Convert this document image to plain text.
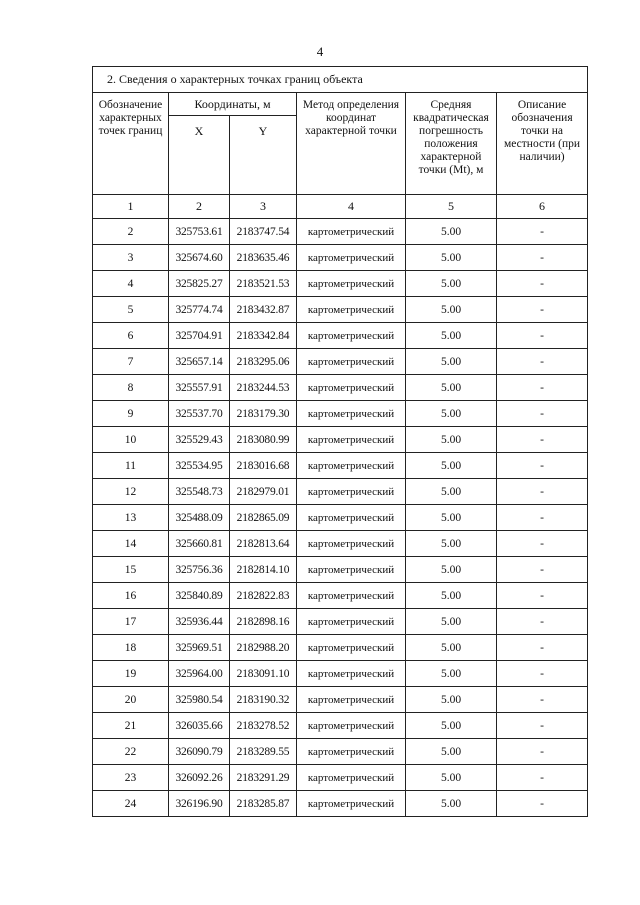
4
2. Сведения о характерных точках границ объекта					
Обозначение характерных точек границ	Координаты, м		Метод определения координат характерной точки	Средняя квадратическая погрешность положения характерной точки (Mt), м	Описание обозначения точки на местности (при наличии)
	X	Y			
1	2	3	4	5	6
2	325753.61	2183747.54	картометрический	5.00	-
3	325674.60	2183635.46	картометрический	5.00	-
4	325825.27	2183521.53	картометрический	5.00	-
5	325774.74	2183432.87	картометрический	5.00	-
6	325704.91	2183342.84	картометрический	5.00	-
7	325657.14	2183295.06	картометрический	5.00	-
8	325557.91	2183244.53	картометрический	5.00	-
9	325537.70	2183179.30	картометрический	5.00	-
10	325529.43	2183080.99	картометрический	5.00	-
11	325534.95	2183016.68	картометрический	5.00	-
12	325548.73	2182979.01	картометрический	5.00	-
13	325488.09	2182865.09	картометрический	5.00	-
14	325660.81	2182813.64	картометрический	5.00	-
15	325756.36	2182814.10	картометрический	5.00	-
16	325840.89	2182822.83	картометрический	5.00	-
17	325936.44	2182898.16	картометрический	5.00	-
18	325969.51	2182988.20	картометрический	5.00	-
19	325964.00	2183091.10	картометрический	5.00	-
20	325980.54	2183190.32	картометрический	5.00	-
21	326035.66	2183278.52	картометрический	5.00	-
22	326090.79	2183289.55	картометрический	5.00	-
23	326092.26	2183291.29	картометрический	5.00	-
24	326196.90	2183285.87	картометрический	5.00	-
